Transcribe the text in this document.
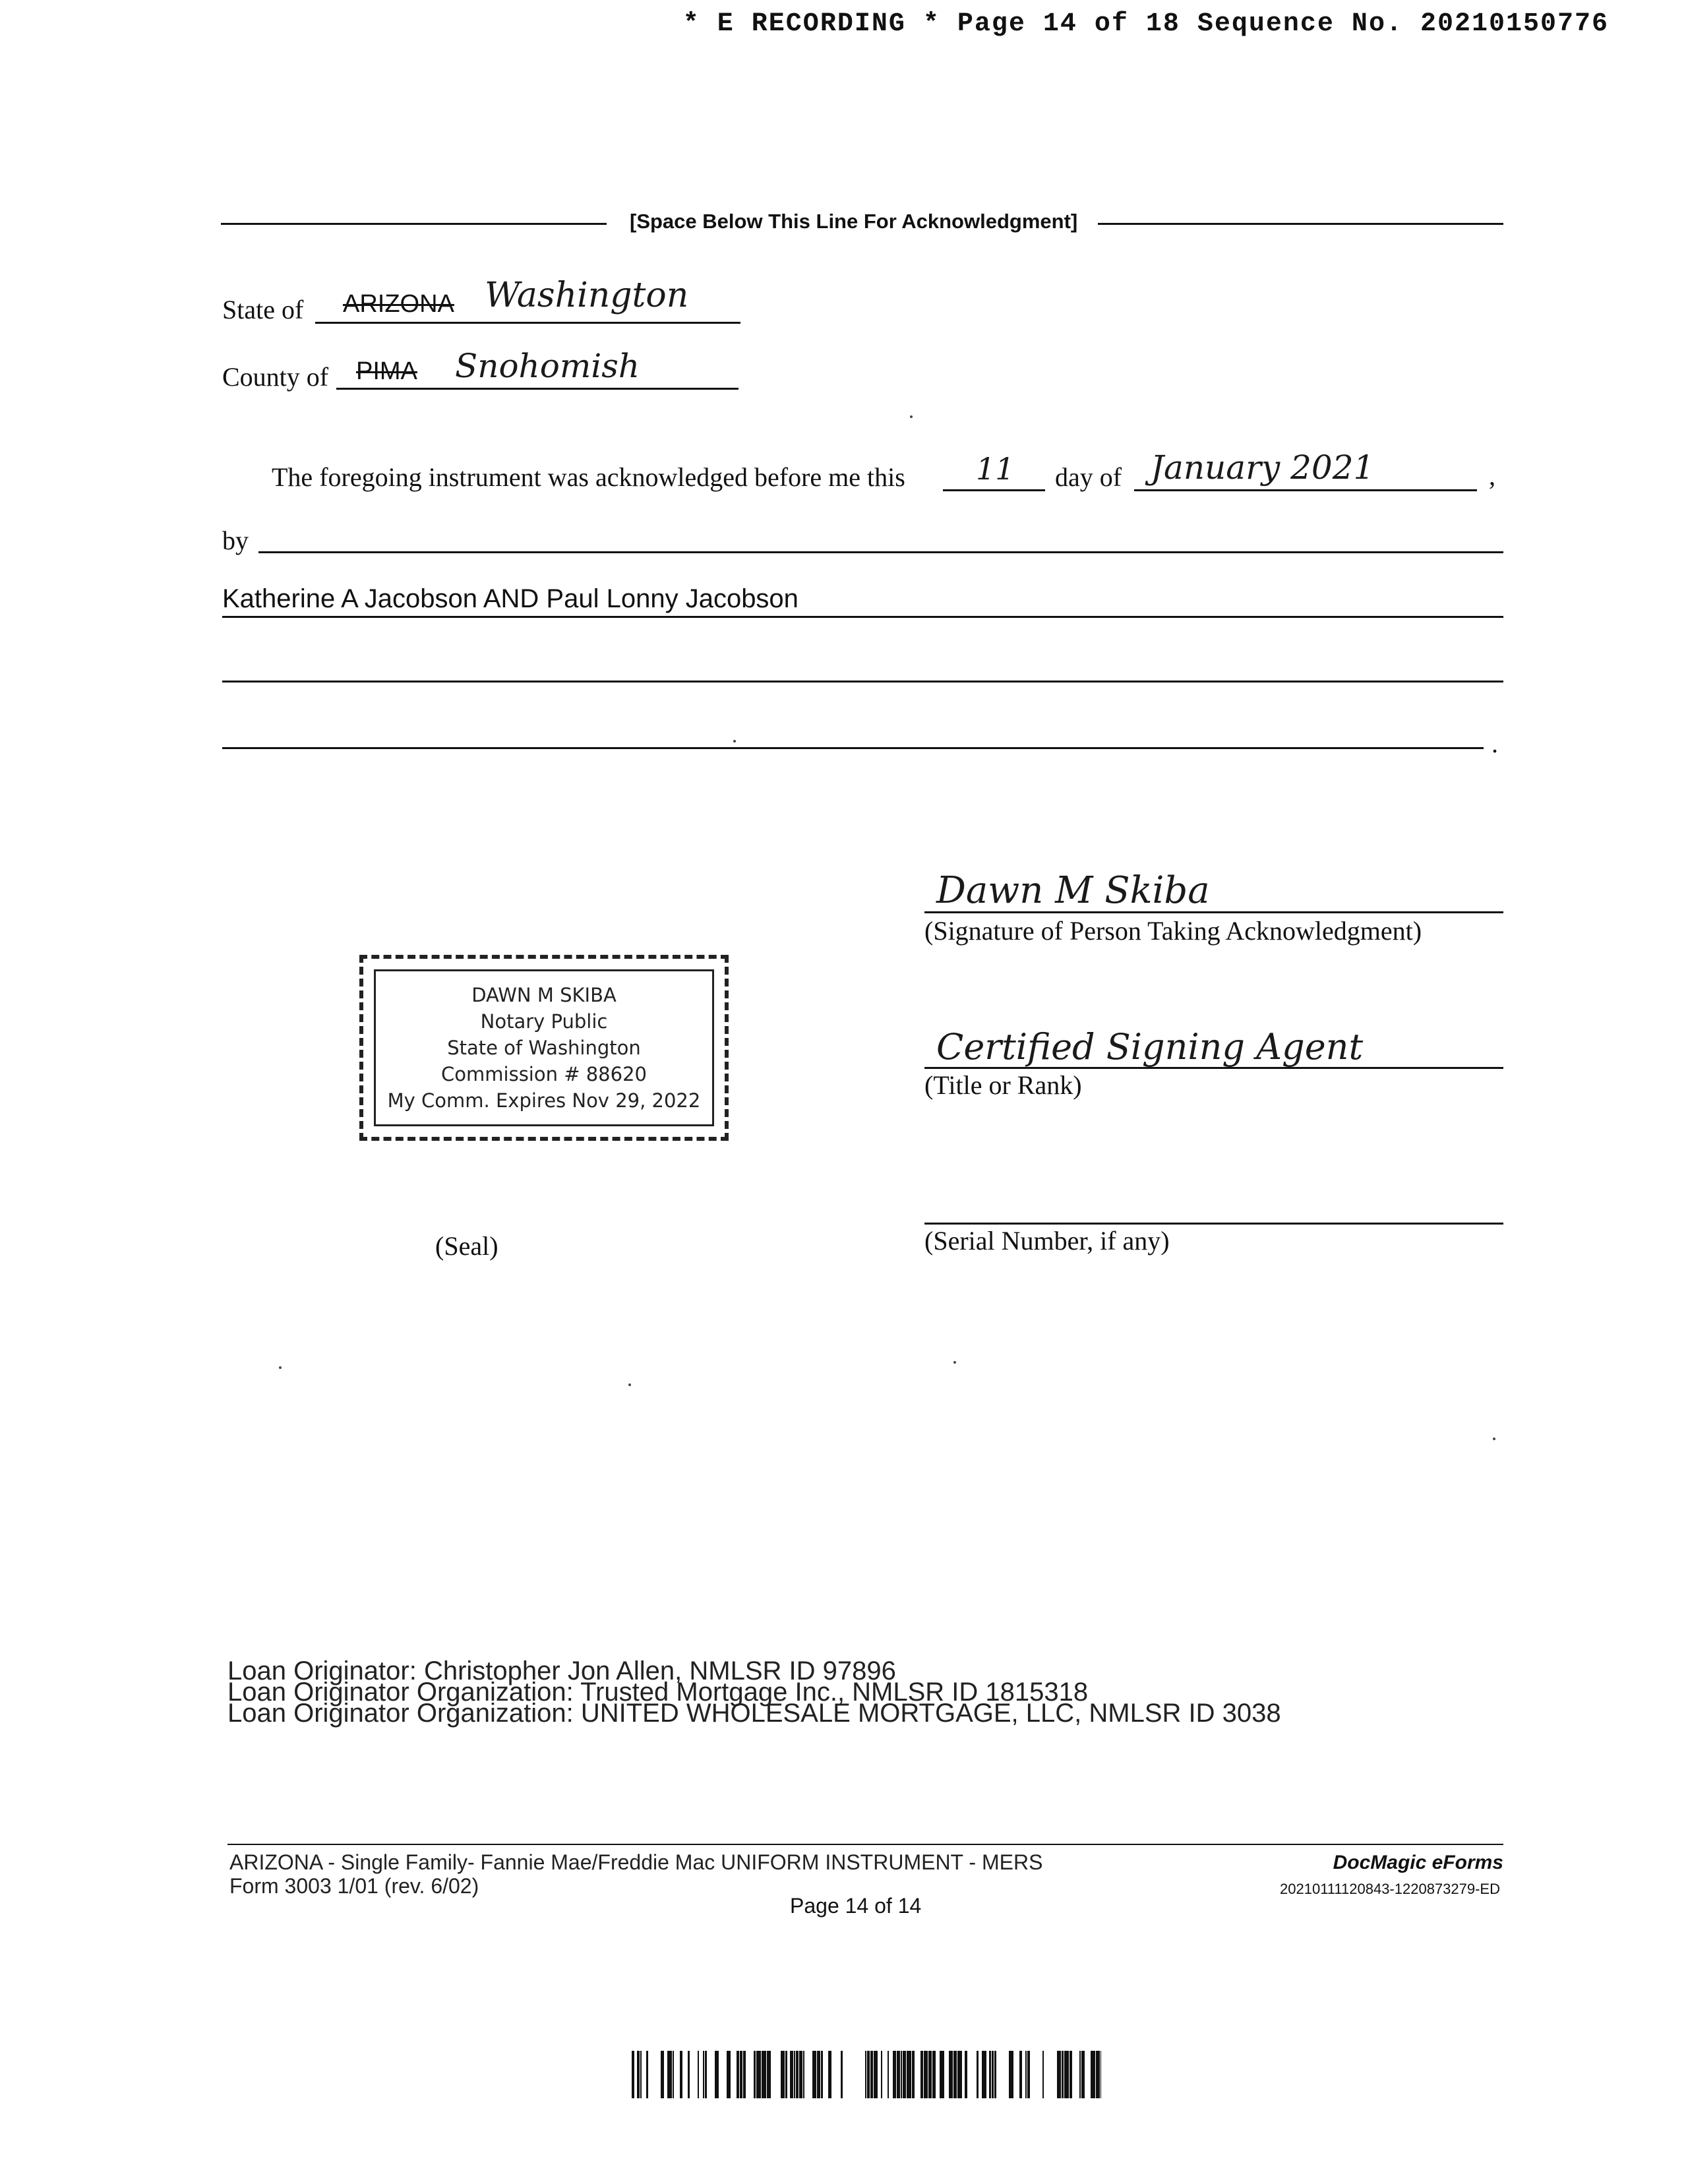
* E RECORDING * Page 14 of 18 Sequence No. 20210150776
[Space Below This Line For Acknowledgment]
State of ARIZONA Washington
County of PIMA Snohomish
The foregoing instrument was acknowledged before me this 11 day of January 2021	,
by
Katherine A Jacobson AND Paul Lonny Jacobson
.
Dawn M Skiba
(Signature of Person Taking Acknowledgment)
DAWN M SKIBA
Notary Public
State of Washington
Commission # 88620
My Comm. Expires Nov 29, 2022
Certified Signing Agent
(Title or Rank)
(Serial Number, if any)
(Seal)
Loan Originator: Christopher Jon Allen, NMLSR ID 97896
Loan Originator Organization: Trusted Mortgage Inc., NMLSR ID 1815318
Loan Originator Organization: UNITED WHOLESALE MORTGAGE, LLC, NMLSR ID 3038
ARIZONA - Single Family- Fannie Mae/Freddie Mac UNIFORM INSTRUMENT - MERS
Form 3003 1/01 (rev. 6/02)
DocMagic eForms
20210111120843-1220873279-ED
Page 14 of 14
